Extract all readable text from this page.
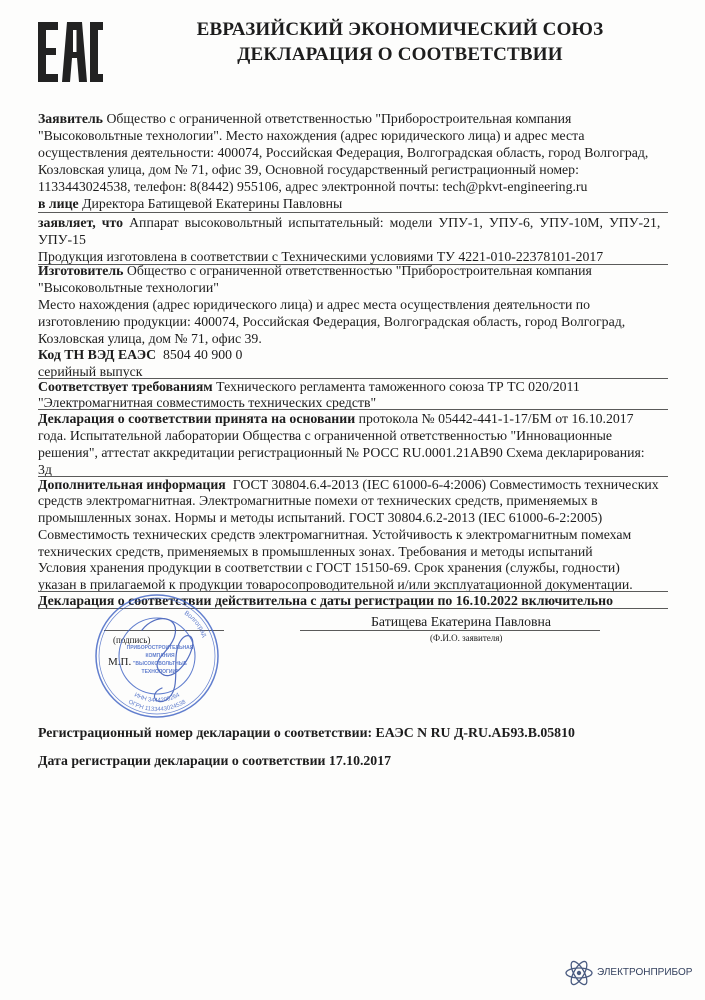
ЕВРАЗИЙСКИЙ ЭКОНОМИЧЕСКИЙ СОЮЗ
ДЕКЛАРАЦИЯ О СООТВЕТСТВИИ
Заявитель Общество с ограниченной ответственностью "Приборостроительная компания
"Высоковольтные технологии". Место нахождения (адрес юридического лица) и адрес места
осуществления деятельности: 400074, Российская Федерация, Волгоградская область, город Волгоград,
Козловская улица, дом № 71, офис 39, Основной государственный регистрационный номер:
1133443024538, телефон: 8(8442) 955106, адрес электронной почты: tech@pkvt-engineering.ru
в лице Директора Батищевой Екатерины Павловны
заявляет, что Аппарат высоковольтный испытательный: модели УПУ-1, УПУ-6, УПУ-10М, УПУ-21,
УПУ-15
Продукция изготовлена в соответствии с Техническими условиями ТУ 4221-010-22378101-2017
Изготовитель Общество с ограниченной ответственностью "Приборостроительная компания
"Высоковольтные технологии"
Место нахождения (адрес юридического лица) и адрес места осуществления деятельности по
изготовлению продукции: 400074, Российская Федерация, Волгоградская область, город Волгоград,
Козловская улица, дом № 71, офис 39.
Код ТН ВЭД ЕАЭС 8504 40 900 0
серийный выпуск
Соответствует требованиям Технического регламента таможенного союза ТР ТС 020/2011
"Электромагнитная совместимость технических средств"
Декларация о соответствии принята на основании протокола № 05442-441-1-17/БМ от 16.10.2017
года. Испытательной лаборатории Общества с ограниченной ответственностью "Инновационные
решения", аттестат аккредитации регистрационный № РОСС RU.0001.21АВ90 Схема декларирования:
3д
Дополнительная информация ГОСТ 30804.6.4-2013 (IEC 61000-6-4:2006) Совместимость технических
средств электромагнитная. Электромагнитные помехи от технических средств, применяемых в
промышленных зонах. Нормы и методы испытаний. ГОСТ 30804.6.2-2013 (IEC 61000-6-2:2005)
Совместимость технических средств электромагнитная. Устойчивость к электромагнитным помехам
технических средств, применяемых в промышленных зонах. Требования и методы испытаний
Условия хранения продукции в соответствии с ГОСТ 15150-69. Срок хранения (службы, годности)
указан в прилагаемой к продукции товаросопроводительной и/или эксплуатационной документации.
Декларация о соответствии действительна с даты регистрации по 16.10.2022 включительно
Батищева Екатерина Павловна
(Ф.И.О. заявителя)
(подпись)
М.П.
Волгоград
ОГРН 1133443024538
ИНН 3444208264
ПРИБОРОСТРОИТЕЛЬНАЯ
КОМПАНИЯ
"ВЫСОКОВОЛЬТНЫЕ
ТЕХНОЛОГИИ"
Регистрационный номер декларации о соответствии: ЕАЭС N RU Д-RU.АБ93.В.05810
Дата регистрации декларации о соответствии 17.10.2017
ЭЛЕКТРОНПРИБОР
